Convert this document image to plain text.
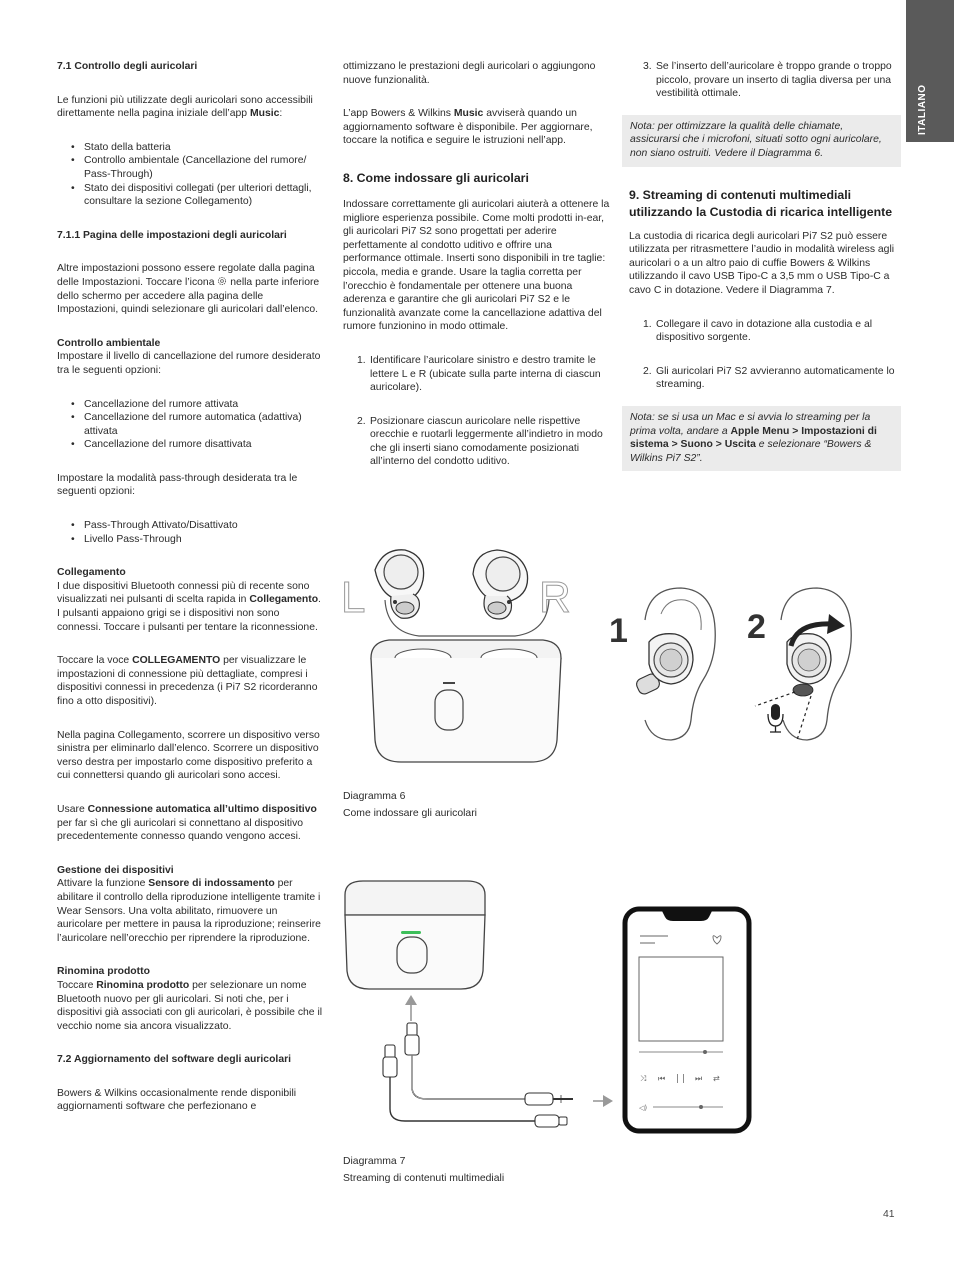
ITALIANO
7.1 Controllo degli auricolari

Le funzioni più utilizzate degli auricolari sono accessibili direttamente nella pagina iniziale dell’app Music:

• Stato della batteria
• Controllo ambientale (Cancellazione del rumore/ Pass-Through)
• Stato dei dispositivi collegati (per ulteriori dettagli, consultare la sezione Collegamento)
7.1.1 Pagina delle impostazioni degli auricolari

Altre impostazioni possono essere regolate dalla pagina delle Impostazioni. Toccare l’icona  nella parte inferiore dello schermo per accedere alla pagina delle Impostazioni, quindi selezionare gli auricolari dall’elenco.

Controllo ambientale

Impostare il livello di cancellazione del rumore desiderato tra le seguenti opzioni:

• Cancellazione del rumore attivata
• Cancellazione del rumore automatica (adattiva) attivata
• Cancellazione del rumore disattivata

Impostare la modalità pass-through desiderata tra le seguenti opzioni:

• Pass-Through Attivato/Disattivato
• Livello Pass-Through
Collegamento

I due dispositivi Bluetooth connessi più di recente sono visualizzati nei pulsanti di scelta rapida in Collegamento. I pulsanti appaiono grigi se i dispositivi non sono connessi. Toccare i pulsanti per tentare la riconnessione.

Toccare la voce COLLEGAMENTO per visualizzare le impostazioni di connessione più dettagliate, compresi i dispositivi connessi in precedenza (i Pi7 S2 ricorderanno fino a otto dispositivi).

Nella pagina Collegamento, scorrere un dispositivo verso sinistra per eliminarlo dall’elenco. Scorrere un dispositivo verso destra per impostarlo come dispositivo preferito a cui connettersi quando gli auricolari sono accesi.

Usare Connessione automatica all’ultimo dispositivo per far sì che gli auricolari si connettano al dispositivo precedentemente connesso quando vengono accesi.

Gestione dei dispositivi

Attivare la funzione Sensore di indossamento per abilitare il controllo della riproduzione intelligente tramite i Wear Sensors. Una volta abilitato, rimuovere un auricolare per mettere in pausa la riproduzione; reinserire l’auricolare nell’orecchio per riprendere la riproduzione.

Rinomina prodotto

Toccare Rinomina prodotto per selezionare un nome Bluetooth nuovo per gli auricolari. Si noti che, per i dispositivi già associati con gli auricolari, è possibile che il vecchio nome sia ancora visualizzato.

7.2 Aggiornamento del software degli auricolari

Bowers & Wilkins occasionalmente rende disponibili aggiornamenti software che perfezionano e

ottimizzano le prestazioni degli auricolari o aggiungono nuove funzionalità.

L’app Bowers & Wilkins Music avviserà quando un aggiornamento software è disponibile. Per aggiornare, toccare la notifica e seguire le istruzioni nell’app.

8. Come indossare gli auricolari

Indossare correttamente gli auricolari aiuterà a ottenere la migliore esperienza possibile. Come molti prodotti in-ear, gli auricolari Pi7 S2 sono progettati per aderire perfettamente al condotto uditivo e offrire una performance ottimale. Inserti sono disponibili in tre taglie: piccola, media e grande. Usare la taglia corretta per l’orecchio è fondamentale per ottenere una buona aderenza e garantire che gli auricolari Pi7 S2 e le funzionalità avanzate come la cancellazione adattiva del rumore funzionino in modo ottimale.

1. Identificare l’auricolare sinistro e destro tramite le lettere L e R (ubicate sulla parte interna di ciascun auricolare).
2. Posizionare ciascun auricolare nelle rispettive orecchie e ruotarli leggermente all’indietro in modo che gli inserti siano comodamente posizionati all’interno del condotto uditivo.
3. Se l’inserto dell’auricolare è troppo grande o troppo piccolo, provare un inserto di taglia diversa per una vestibilità ottimale.
Nota: per ottimizzare la qualità delle chiamate, assicurarsi che i microfoni, situati sotto ogni auricolare, non siano ostruiti. Vedere il Diagramma 6.
9. Streaming di contenuti multimediali utilizzando la Custodia di ricarica intelligente

La custodia di ricarica degli auricolari Pi7 S2 può essere utilizzata per ritrasmettere l’audio in modalità wireless agli auricolari o a un altro paio di cuffie Bowers & Wilkins utilizzando il cavo USB Tipo-C a 3,5 mm o USB Tipo-C a cavo C in dotazione. Vedere il Diagramma 7.

1. Collegare il cavo in dotazione alla custodia e al dispositivo sorgente.
2. Gli auricolari Pi7 S2 avvieranno automaticamente lo streaming.
Nota: se si usa un Mac e si avvia lo streaming per la prima volta, andare a Apple Menu > Impostazioni di sistema > Suono > Uscita e selezionare “Bowers & Wilkins Pi7 S2”.
L	R
1	2
Diagramma 6
Come indossare gli auricolari
⤨ ⏮ | | ⏭ ⇄
◁)
Diagramma 7
Streaming di contenuti multimediali
41
